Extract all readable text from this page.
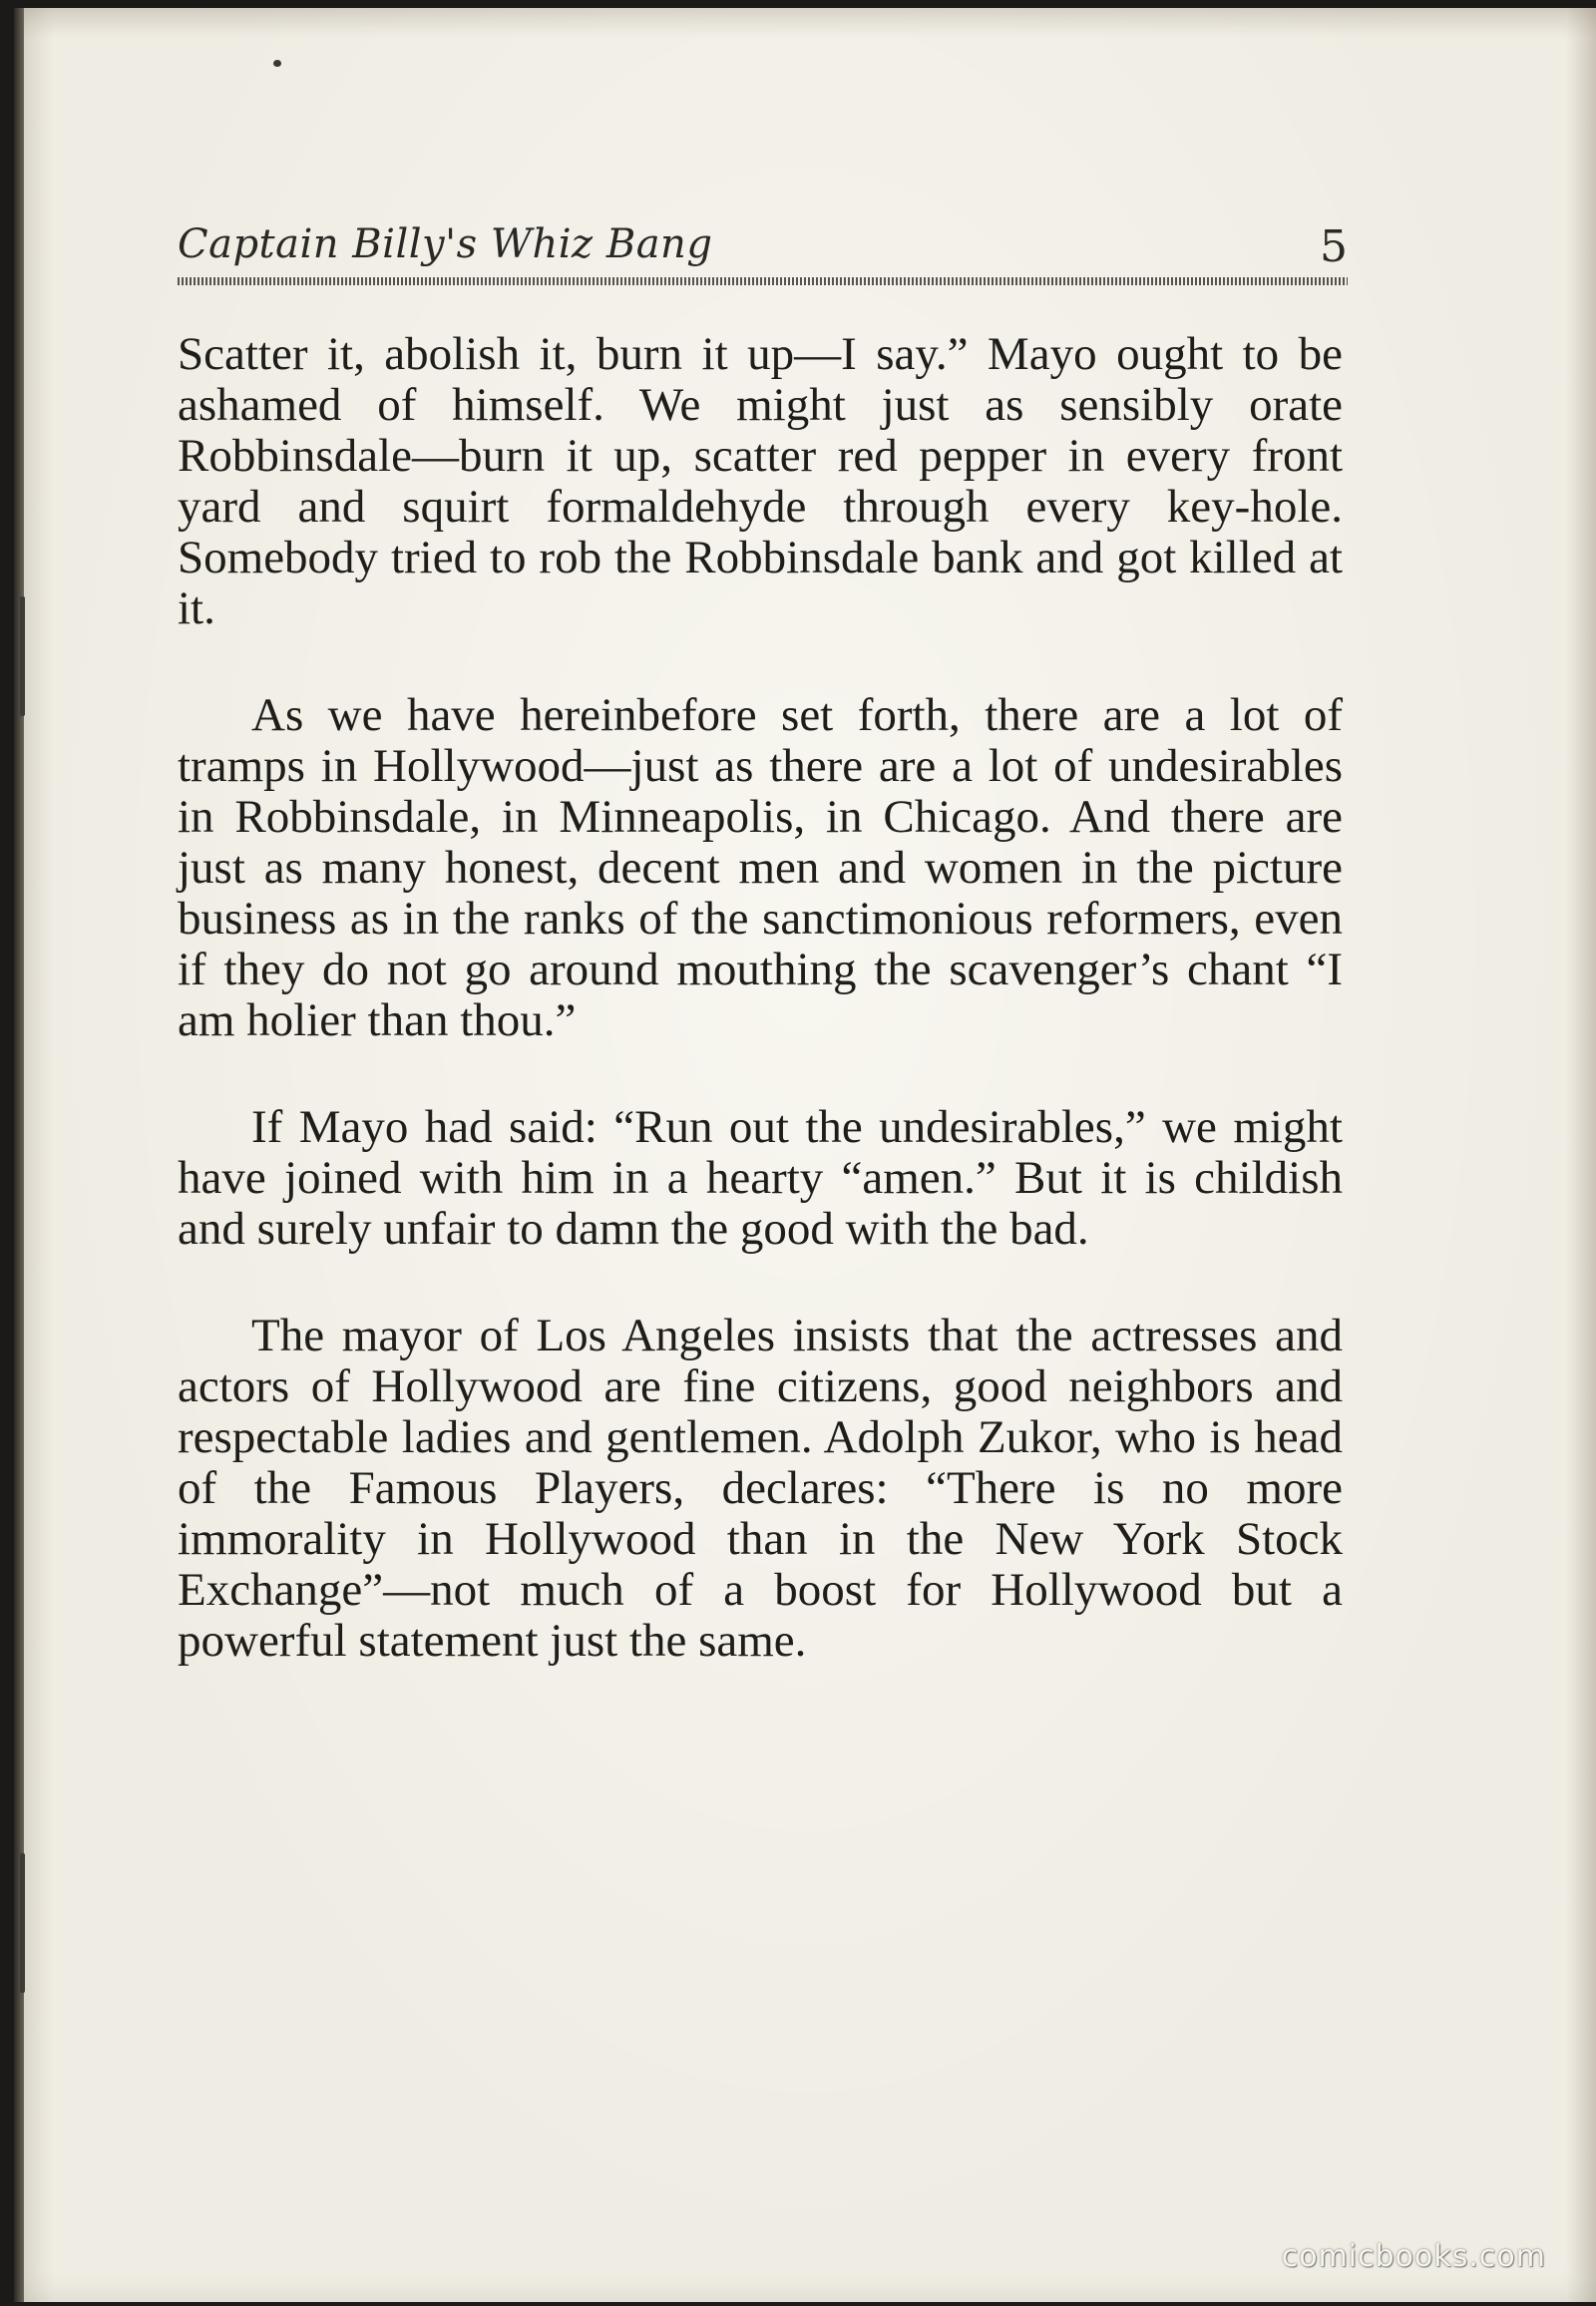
Captain Billy's Whiz Bang	5

Scatter it, abolish it, burn it up—I say.” Mayo ought to be ashamed of himself. We might just as sensibly orate Robbinsdale—burn it up, scatter red pepper in every front yard and squirt formaldehyde through every key-hole. Somebody tried to rob the Robbinsdale bank and got killed at it.

As we have hereinbefore set forth, there are a lot of tramps in Hollywood—just as there are a lot of undesirables in Robbinsdale, in Minneapolis, in Chicago. And there are just as many honest, decent men and women in the picture business as in the ranks of the sanctimonious reformers, even if they do not go around mouthing the scavenger’s chant “I am holier than thou.”

If Mayo had said: “Run out the undesirables,” we might have joined with him in a hearty “amen.” But it is childish and surely unfair to damn the good with the bad.

The mayor of Los Angeles insists that the actresses and actors of Hollywood are fine citizens, good neighbors and respectable ladies and gentlemen. Adolph Zukor, who is head of the Famous Players, declares: “There is no more immorality in Hollywood than in the New York Stock Exchange”—not much of a boost for Hollywood but a powerful statement just the same.

comicbooks.com
